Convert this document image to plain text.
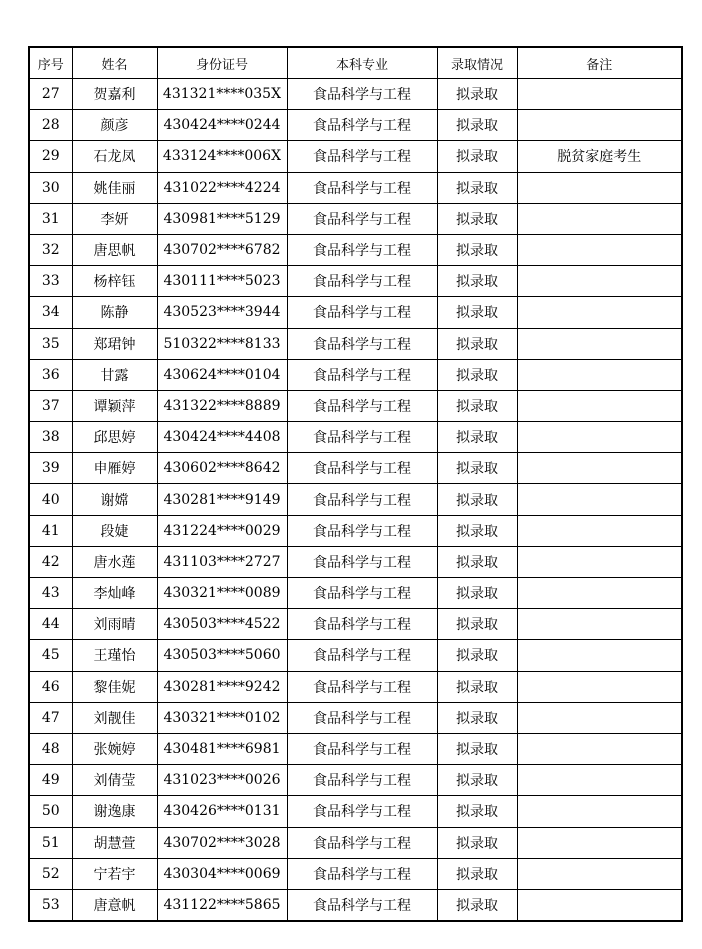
序号	姓名	身份证号	本科专业	录取情况	备注
27	贺嘉利	431321****035X	食品科学与工程	拟录取	
28	颜彦	430424****0244	食品科学与工程	拟录取	
29	石龙凤	433124****006X	食品科学与工程	拟录取	脱贫家庭考生
30	姚佳丽	431022****4224	食品科学与工程	拟录取	
31	李妍	430981****5129	食品科学与工程	拟录取	
32	唐思帆	430702****6782	食品科学与工程	拟录取	
33	杨梓钰	430111****5023	食品科学与工程	拟录取	
34	陈静	430523****3944	食品科学与工程	拟录取	
35	郑珺钟	510322****8133	食品科学与工程	拟录取	
36	甘露	430624****0104	食品科学与工程	拟录取	
37	谭颖萍	431322****8889	食品科学与工程	拟录取	
38	邱思婷	430424****4408	食品科学与工程	拟录取	
39	申雁婷	430602****8642	食品科学与工程	拟录取	
40	谢嫦	430281****9149	食品科学与工程	拟录取	
41	段婕	431224****0029	食品科学与工程	拟录取	
42	唐水莲	431103****2727	食品科学与工程	拟录取	
43	李灿峰	430321****0089	食品科学与工程	拟录取	
44	刘雨晴	430503****4522	食品科学与工程	拟录取	
45	王瑾怡	430503****5060	食品科学与工程	拟录取	
46	黎佳妮	430281****9242	食品科学与工程	拟录取	
47	刘靓佳	430321****0102	食品科学与工程	拟录取	
48	张婉婷	430481****6981	食品科学与工程	拟录取	
49	刘倩莹	431023****0026	食品科学与工程	拟录取	
50	谢逸康	430426****0131	食品科学与工程	拟录取	
51	胡慧萱	430702****3028	食品科学与工程	拟录取	
52	宁若宇	430304****0069	食品科学与工程	拟录取	
53	唐意帆	431122****5865	食品科学与工程	拟录取	
